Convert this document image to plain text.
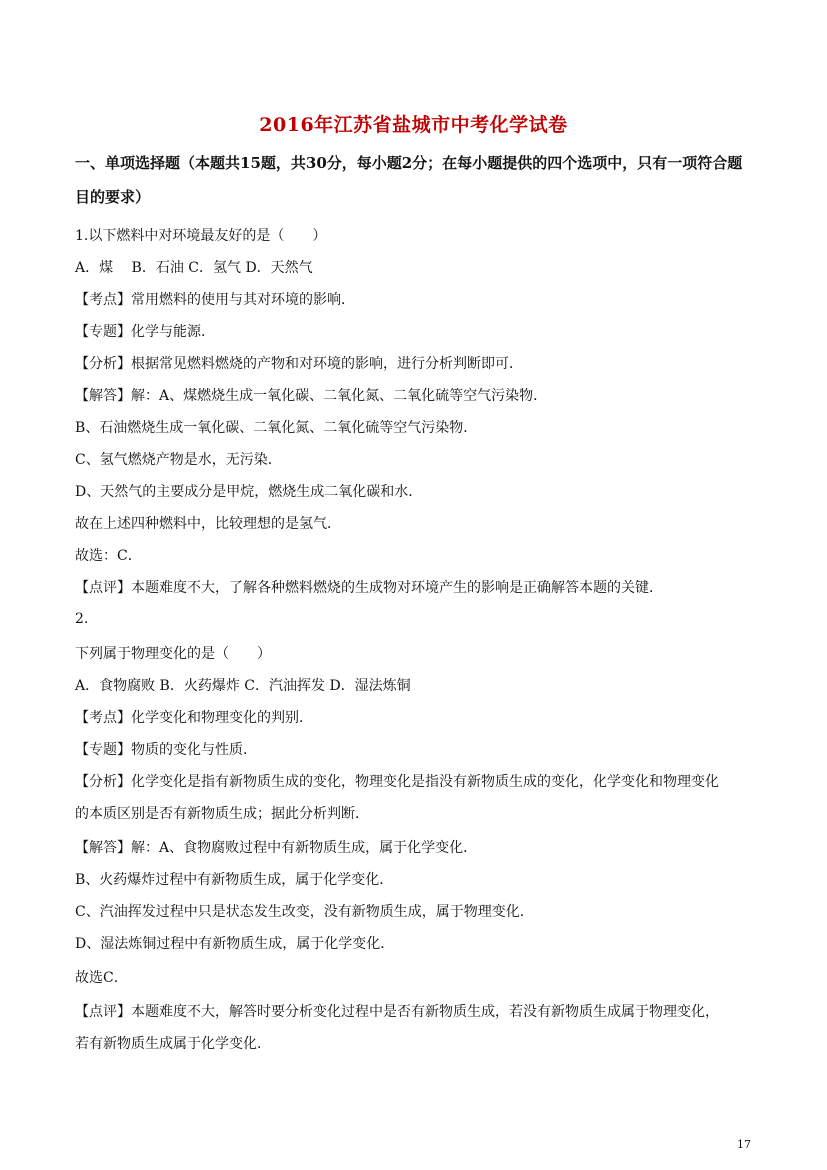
2016年江苏省盐城市中考化学试卷
一、单项选择题（本题共15题，共30分，每小题2分；在每小题提供的四个选项中，只有一项符合题目的要求）
1.以下燃料中对环境最友好的是（　　）
A．煤　 B．石油 C．氢气 D．天然气
【考点】常用燃料的使用与其对环境的影响．
【专题】化学与能源．
【分析】根据常见燃料燃烧的产物和对环境的影响，进行分析判断即可．
【解答】解：A、煤燃烧生成一氧化碳、二氧化氮、二氧化硫等空气污染物．
B、石油燃烧生成一氧化碳、二氧化氮、二氧化硫等空气污染物．
C、氢气燃烧产物是水，无污染．
D、天然气的主要成分是甲烷，燃烧生成二氧化碳和水．
故在上述四种燃料中，比较理想的是氢气．
故选：C．
【点评】本题难度不大，了解各种燃料燃烧的生成物对环境产生的影响是正确解答本题的关键．
2.
下列属于物理变化的是（　　）
A．食物腐败 B．火药爆炸 C．汽油挥发 D．湿法炼铜
【考点】化学变化和物理变化的判别．
【专题】物质的变化与性质．
【分析】化学变化是指有新物质生成的变化，物理变化是指没有新物质生成的变化，化学变化和物理变化
的本质区别是否有新物质生成；据此分析判断．
【解答】解：A、食物腐败过程中有新物质生成，属于化学变化．
B、火药爆炸过程中有新物质生成，属于化学变化．
C、汽油挥发过程中只是状态发生改变，没有新物质生成，属于物理变化．
D、湿法炼铜过程中有新物质生成，属于化学变化．
故选C．
【点评】本题难度不大，解答时要分析变化过程中是否有新物质生成，若没有新物质生成属于物理变化，
若有新物质生成属于化学变化．
17
